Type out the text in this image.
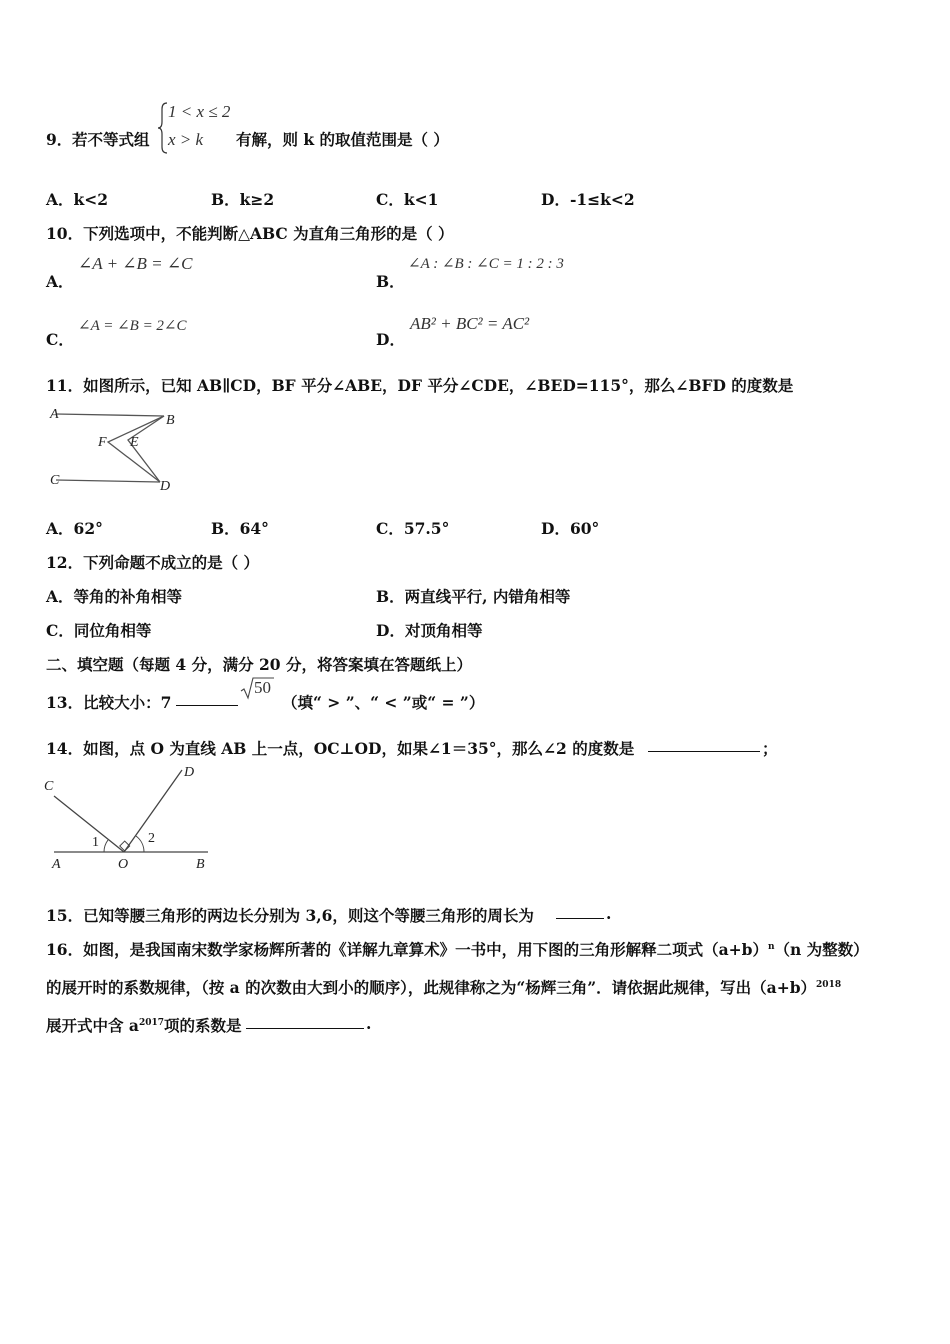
9． 若不等式组
1 < x ≤ 2
x > k 有解，则 k 的取值范围是（ ）
A．k<2	B．k≥2	C．k<1	D．-1≤k<2
10．下列选项中，不能判断△ABC 为直角三角形的是（ ）
A．
∠A + ∠B = ∠C
B．
∠A : ∠B : ∠C = 1 : 2 : 3
C．
∠A = ∠B = 2∠C
D．
AB² + BC² = AC²
11．如图所示，已知 AB∥CD，BF 平分∠ABE，DF 平分∠CDE，∠BED=115°，那么∠BFD 的度数是
A	B
C	D
E
F
A．62°	B．64°	C．57.5°	D．60°
12．下列命题不成立的是（ ）
A．等角的补角相等	B．两直线平行, 内错角相等
C．同位角相等	D．对顶角相等
二、填空题（每题 4 分，满分 20 分，将答案填在答题纸上）
13．比较大小：7
50
（填“ > ”、“ < ”或“ = ”）
14．如图，点 O 为直线 AB 上一点，OC⊥OD，如果∠1＝35°，那么∠2 的度数是	；
C
D
A	O	B
1	2
15．已知等腰三角形的两边长分别为 3,6，则这个等腰三角形的周长为	.
16．如图，是我国南宋数学家杨辉所著的《详解九章算术》一书中，用下图的三角形解释二项式$(a+b)^n(n$ 为整数）
的展开时的系数规律，（按 a 的次数由大到小的顺序），此规律称之为“杨辉三角”．请依据此规律，写出$(a+b)^{2018}$
展开式中含 $a^{2017}$项的系数是	.
